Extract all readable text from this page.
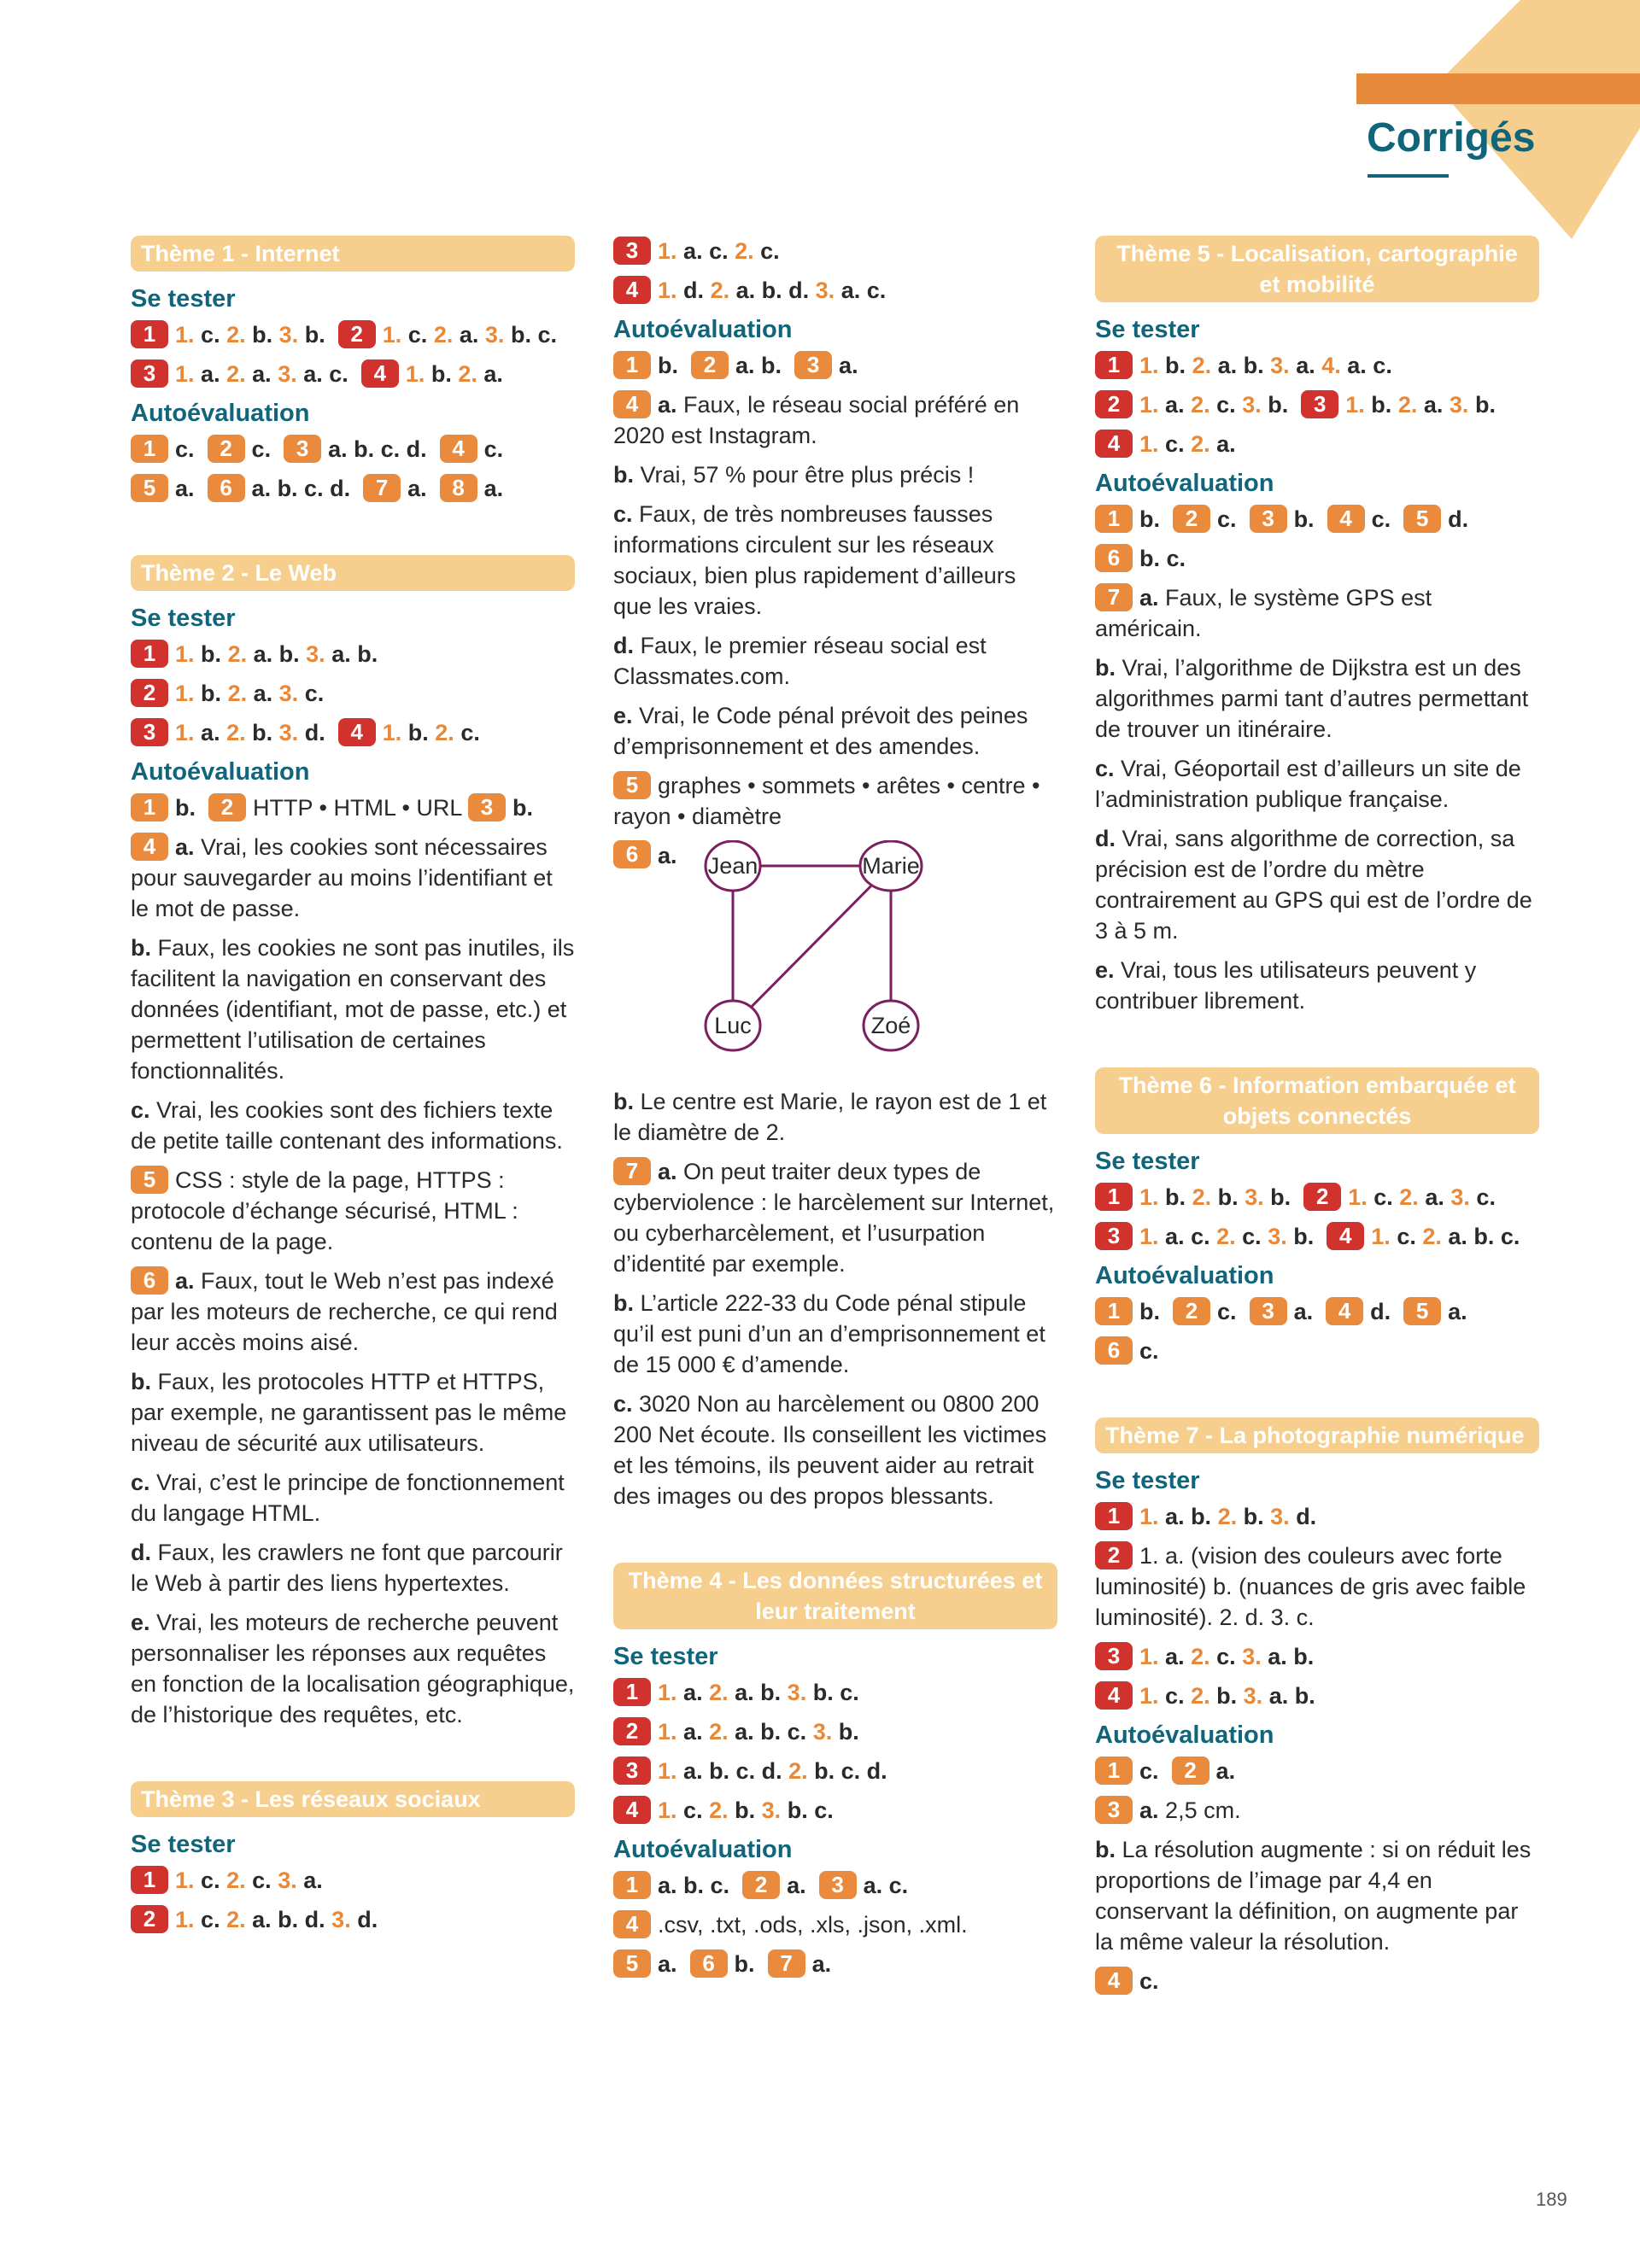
Corrigés
Thème 1 - Internet
Se tester
1 1. c. 2. b. 3. b. 2 1. c. 2. a. 3. b. c.
3 1. a. 2. a. 3. a. c. 4 1. b. 2. a.
Autoévaluation
1 c. 2 c. 3 a. b. c. d. 4 c.
5 a. 6 a. b. c. d. 7 a. 8 a.
Thème 2 - Le Web
Se tester
1 1. b. 2. a. b. 3. a. b.
2 1. b. 2. a. 3. c.
3 1. a. 2. b. 3. d. 4 1. b. 2. c.
Autoévaluation
1 b. 2 HTTP • HTML • URL 3 b.
4 a. Vrai, les cookies sont nécessaires pour sauvegarder au moins l’identifiant et le mot de passe.
b. Faux, les cookies ne sont pas inutiles, ils facilitent la navigation en conservant des données (identifiant, mot de passe, etc.) et permettent l’utilisation de certaines fonctionnalités.
c. Vrai, les cookies sont des fichiers texte de petite taille contenant des informations.
5 CSS : style de la page, HTTPS : protocole d’échange sécurisé, HTML : contenu de la page.
6 a. Faux, tout le Web n’est pas indexé par les moteurs de recherche, ce qui rend leur accès moins aisé.
b. Faux, les protocoles HTTP et HTTPS, par exemple, ne garantissent pas le même niveau de sécurité aux utilisateurs.
c. Vrai, c’est le principe de fonctionnement du langage HTML.
d. Faux, les crawlers ne font que parcourir le Web à partir des liens hypertextes.
e. Vrai, les moteurs de recherche peuvent personnaliser les réponses aux requêtes en fonction de la localisation géographique, de l’historique des requêtes, etc.
Thème 3 - Les réseaux sociaux
Se tester
1 1. c. 2. c. 3. a.
2 1. c. 2. a. b. d. 3. d.
3 1. a. c. 2. c.
4 1. d. 2. a. b. d. 3. a. c.
Autoévaluation
1 b. 2 a. b. 3 a.
4 a. Faux, le réseau social préféré en 2020 est Instagram.
b. Vrai, 57 % pour être plus précis !
c. Faux, de très nombreuses fausses informations circulent sur les réseaux sociaux, bien plus rapidement d’ailleurs que les vraies.
d. Faux, le premier réseau social est Classmates.com.
e. Vrai, le Code pénal prévoit des peines d’emprisonnement et des amendes.
5 graphes • sommets • arêtes • centre • rayon • diamètre
6 a. Jean	Marie
Luc	Zoé
b. Le centre est Marie, le rayon est de 1 et le diamètre de 2.
7 a. On peut traiter deux types de cyberviolence : le harcèlement sur Internet, ou cyberharcèlement, et l’usurpation d’identité par exemple.
b. L’article 222-33 du Code pénal stipule qu’il est puni d’un an d’emprisonnement et de 15 000 € d’amende.
c. 3020 Non au harcèlement ou 0800 200 200 Net écoute. Ils conseillent les victimes et les témoins, ils peuvent aider au retrait des images ou des propos blessants.
Thème 4 - Les données structurées et leur traitement
Se tester
1 1. a. 2. a. b. 3. b. c.
2 1. a. 2. a. b. c. 3. b.
3 1. a. b. c. d. 2. b. c. d.
4 1. c. 2. b. 3. b. c.
Autoévaluation
1 a. b. c. 2 a. 3 a. c.
4 .csv, .txt, .ods, .xls, .json, .xml.
5 a. 6 b. 7 a.
Thème 5 - Localisation, cartographie et mobilité
Se tester
1 1. b. 2. a. b. 3. a. 4. a. c.
2 1. a. 2. c. 3. b. 3 1. b. 2. a. 3. b.
4 1. c. 2. a.
Autoévaluation
1 b. 2 c. 3 b. 4 c. 5 d.
6 b. c.
7 a. Faux, le système GPS est américain.
b. Vrai, l’algorithme de Dijkstra est un des algorithmes parmi tant d’autres permettant de trouver un itinéraire.
c. Vrai, Géoportail est d’ailleurs un site de l’administration publique française.
d. Vrai, sans algorithme de correction, sa précision est de l’ordre du mètre contrairement au GPS qui est de l’ordre de 3 à 5 m.
e. Vrai, tous les utilisateurs peuvent y contribuer librement.
Thème 6 - Information embarquée et objets connectés
Se tester
1 1. b. 2. b. 3. b. 2 1. c. 2. a. 3. c.
3 1. a. c. 2. c. 3. b. 4 1. c. 2. a. b. c.
Autoévaluation
1 b. 2 c. 3 a. 4 d. 5 a.
6 c.
Thème 7 - La photographie numérique
Se tester
1 1. a. b. 2. b. 3. d.
2 1. a. (vision des couleurs avec forte luminosité) b. (nuances de gris avec faible luminosité). 2. d. 3. c.
3 1. a. 2. c. 3. a. b.
4 1. c. 2. b. 3. a. b.
Autoévaluation
1 c. 2 a.
3 a. 2,5 cm.
b. La résolution augmente : si on réduit les proportions de l’image par 4,4 en conservant la définition, on augmente par la même valeur la résolution.
4 c.
189
